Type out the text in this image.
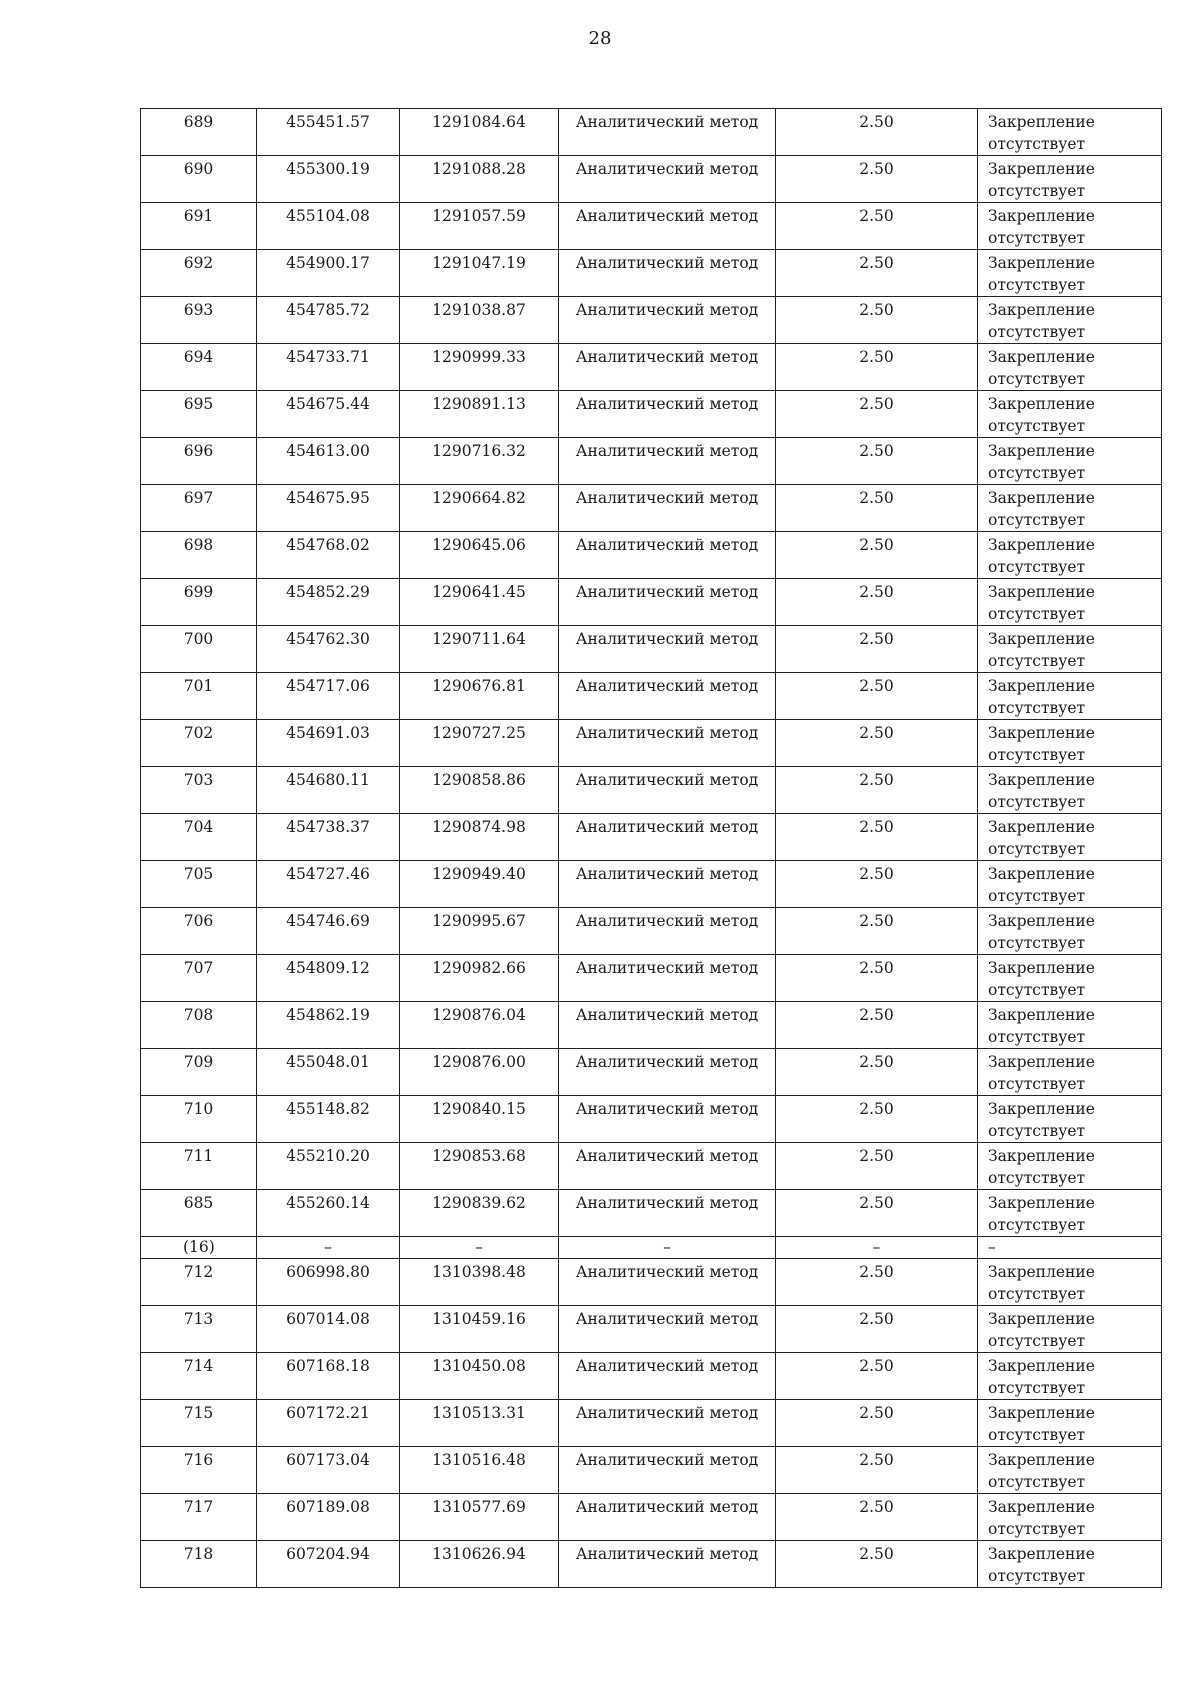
28
689	455451.57	1291084.64	Аналитический метод	2.50	Закрепление отсутствует
690	455300.19	1291088.28	Аналитический метод	2.50	Закрепление отсутствует
691	455104.08	1291057.59	Аналитический метод	2.50	Закрепление отсутствует
692	454900.17	1291047.19	Аналитический метод	2.50	Закрепление отсутствует
693	454785.72	1291038.87	Аналитический метод	2.50	Закрепление отсутствует
694	454733.71	1290999.33	Аналитический метод	2.50	Закрепление отсутствует
695	454675.44	1290891.13	Аналитический метод	2.50	Закрепление отсутствует
696	454613.00	1290716.32	Аналитический метод	2.50	Закрепление отсутствует
697	454675.95	1290664.82	Аналитический метод	2.50	Закрепление отсутствует
698	454768.02	1290645.06	Аналитический метод	2.50	Закрепление отсутствует
699	454852.29	1290641.45	Аналитический метод	2.50	Закрепление отсутствует
700	454762.30	1290711.64	Аналитический метод	2.50	Закрепление отсутствует
701	454717.06	1290676.81	Аналитический метод	2.50	Закрепление отсутствует
702	454691.03	1290727.25	Аналитический метод	2.50	Закрепление отсутствует
703	454680.11	1290858.86	Аналитический метод	2.50	Закрепление отсутствует
704	454738.37	1290874.98	Аналитический метод	2.50	Закрепление отсутствует
705	454727.46	1290949.40	Аналитический метод	2.50	Закрепление отсутствует
706	454746.69	1290995.67	Аналитический метод	2.50	Закрепление отсутствует
707	454809.12	1290982.66	Аналитический метод	2.50	Закрепление отсутствует
708	454862.19	1290876.04	Аналитический метод	2.50	Закрепление отсутствует
709	455048.01	1290876.00	Аналитический метод	2.50	Закрепление отсутствует
710	455148.82	1290840.15	Аналитический метод	2.50	Закрепление отсутствует
711	455210.20	1290853.68	Аналитический метод	2.50	Закрепление отсутствует
685	455260.14	1290839.62	Аналитический метод	2.50	Закрепление отсутствует
(16)	–	–	–	–	–
712	606998.80	1310398.48	Аналитический метод	2.50	Закрепление отсутствует
713	607014.08	1310459.16	Аналитический метод	2.50	Закрепление отсутствует
714	607168.18	1310450.08	Аналитический метод	2.50	Закрепление отсутствует
715	607172.21	1310513.31	Аналитический метод	2.50	Закрепление отсутствует
716	607173.04	1310516.48	Аналитический метод	2.50	Закрепление отсутствует
717	607189.08	1310577.69	Аналитический метод	2.50	Закрепление отсутствует
718	607204.94	1310626.94	Аналитический метод	2.50	Закрепление отсутствует
